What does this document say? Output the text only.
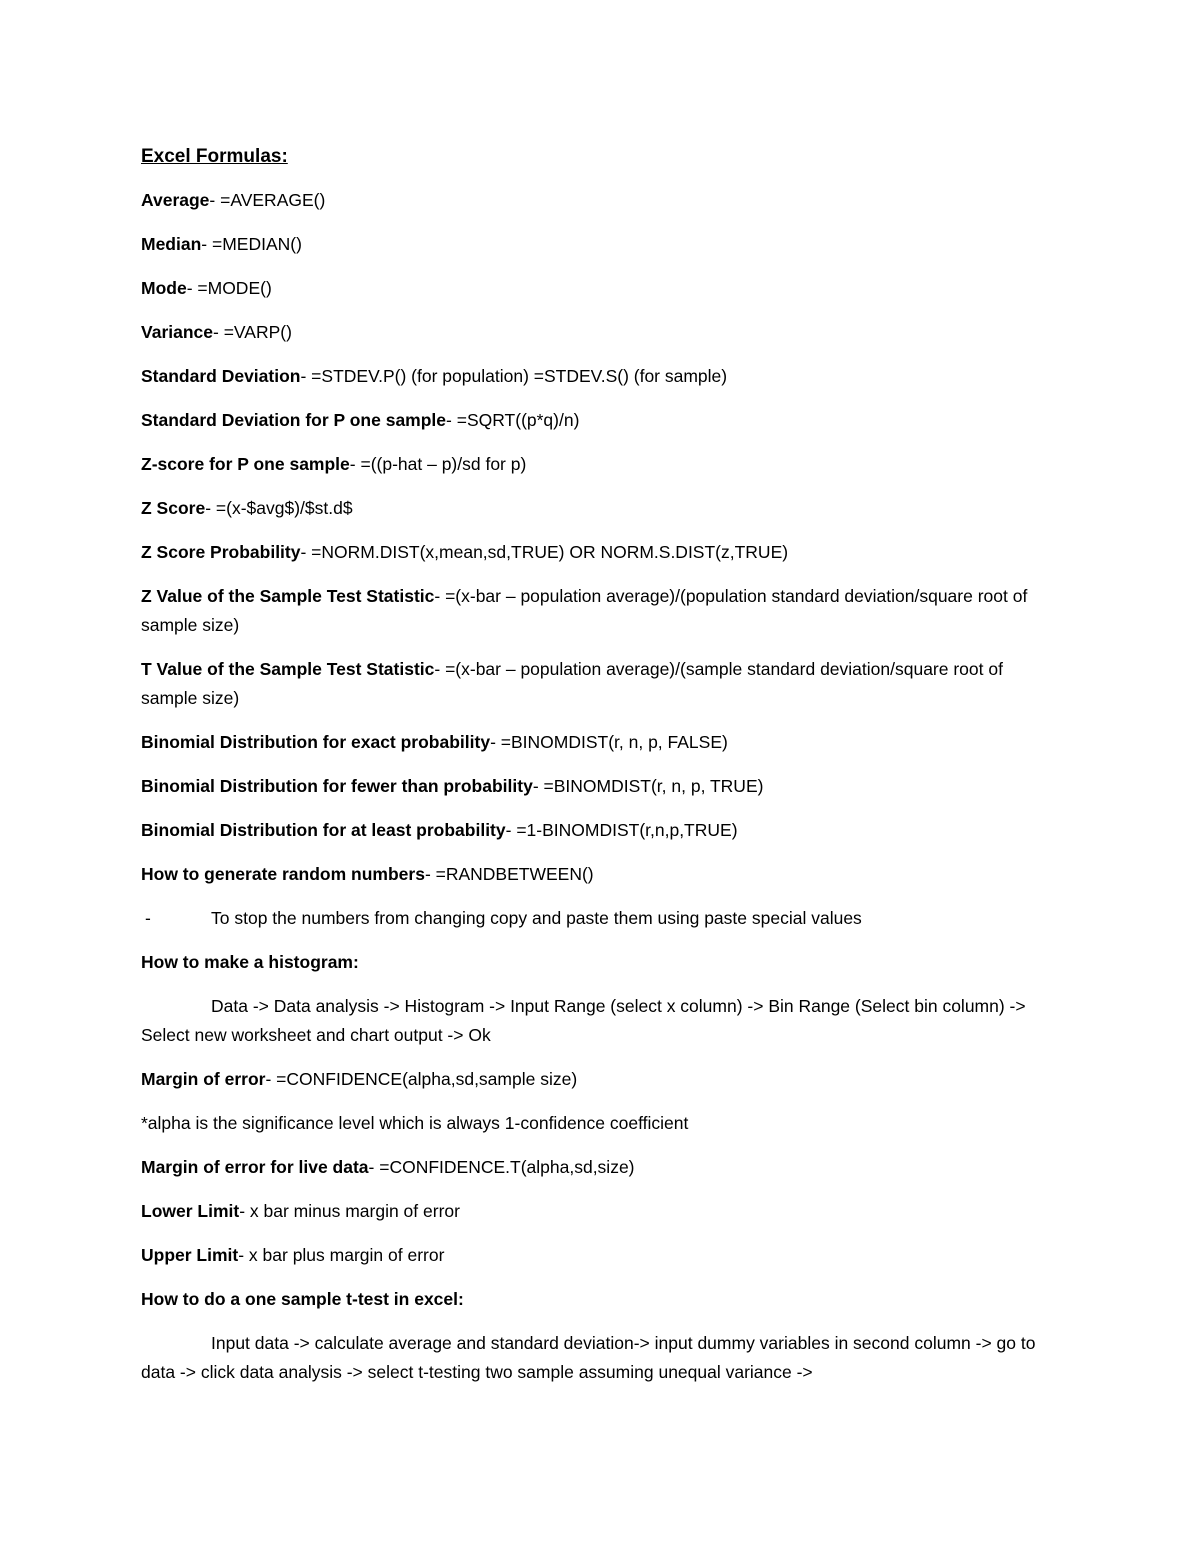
Excel Formulas:
Average- =AVERAGE()
Median- =MEDIAN()
Mode- =MODE()
Variance- =VARP()
Standard Deviation- =STDEV.P() (for population) =STDEV.S() (for sample)
Standard Deviation for P one sample- =SQRT((p*q)/n)
Z-score for P one sample- =((p-hat – p)/sd for p)
Z Score- =(x-$avg$)/$st.d$
Z Score Probability- =NORM.DIST(x,mean,sd,TRUE) OR NORM.S.DIST(z,TRUE)
Z Value of the Sample Test Statistic- =(x-bar – population average)/(population standard deviation/square root of sample size)
T Value of the Sample Test Statistic- =(x-bar – population average)/(sample standard deviation/square root of sample size)
Binomial Distribution for exact probability- =BINOMDIST(r, n, p, FALSE)
Binomial Distribution for fewer than probability- =BINOMDIST(r, n, p, TRUE)
Binomial Distribution for at least probability- =1-BINOMDIST(r,n,p,TRUE)
How to generate random numbers- =RANDBETWEEN()
-	To stop the numbers from changing copy and paste them using paste special values
How to make a histogram:
Data -> Data analysis -> Histogram -> Input Range (select x column) -> Bin Range (Select bin column) -> Select new worksheet and chart output -> Ok
Margin of error- =CONFIDENCE(alpha,sd,sample size)
*alpha is the significance level which is always 1-confidence coefficient
Margin of error for live data- =CONFIDENCE.T(alpha,sd,size)
Lower Limit- x bar minus margin of error
Upper Limit- x bar plus margin of error
How to do a one sample t-test in excel:
Input data -> calculate average and standard deviation-> input dummy variables in second column -> go to data -> click data analysis -> select t-testing two sample assuming unequal variance ->
